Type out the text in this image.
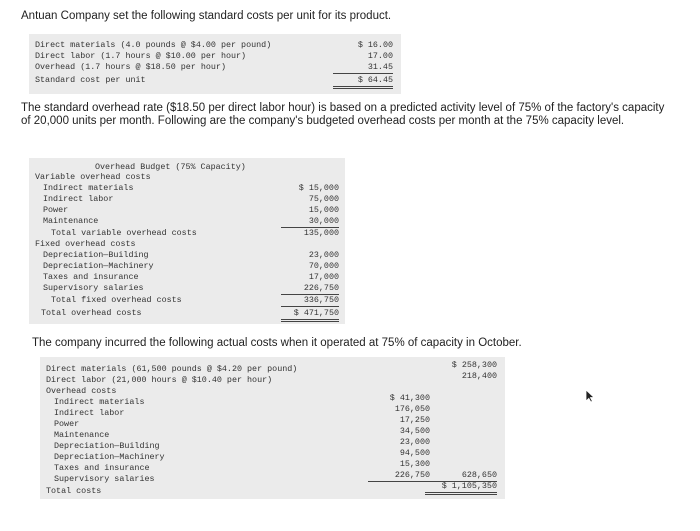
Antuan Company set the following standard costs per unit for its product.
Direct materials (4.0 pounds @ $4.00 per pound)	$ 16.00
Direct labor (1.7 hours @ $10.00 per hour)	17.00
Overhead (1.7 hours @ $18.50 per hour)	31.45
Standard cost per unit	$ 64.45
The standard overhead rate ($18.50 per direct labor hour) is based on a predicted activity level of 75% of the factory's capacity of 20,000 units per month. Following are the company's budgeted overhead costs per month at the 75% capacity level.
Overhead Budget (75% Capacity)
Variable overhead costs
Indirect materials	$ 15,000
Indirect labor	75,000
Power	15,000
Maintenance	30,000
Total variable overhead costs	135,000
Fixed overhead costs
Depreciation—Building	23,000
Depreciation—Machinery	70,000
Taxes and insurance	17,000
Supervisory salaries	226,750
Total fixed overhead costs	336,750
Total overhead costs	$ 471,750
The company incurred the following actual costs when it operated at 75% of capacity in October.
Direct materials (61,500 pounds @ $4.20 per pound)	$ 258,300
Direct labor (21,000 hours @ $10.40 per hour)	218,400
Overhead costs
Indirect materials	$ 41,300
Indirect labor	176,050
Power	17,250
Maintenance	34,500
Depreciation—Building	23,000
Depreciation—Machinery	94,500
Taxes and insurance	15,300
Supervisory salaries	226,750	628,650
Total costs	$ 1,105,350
